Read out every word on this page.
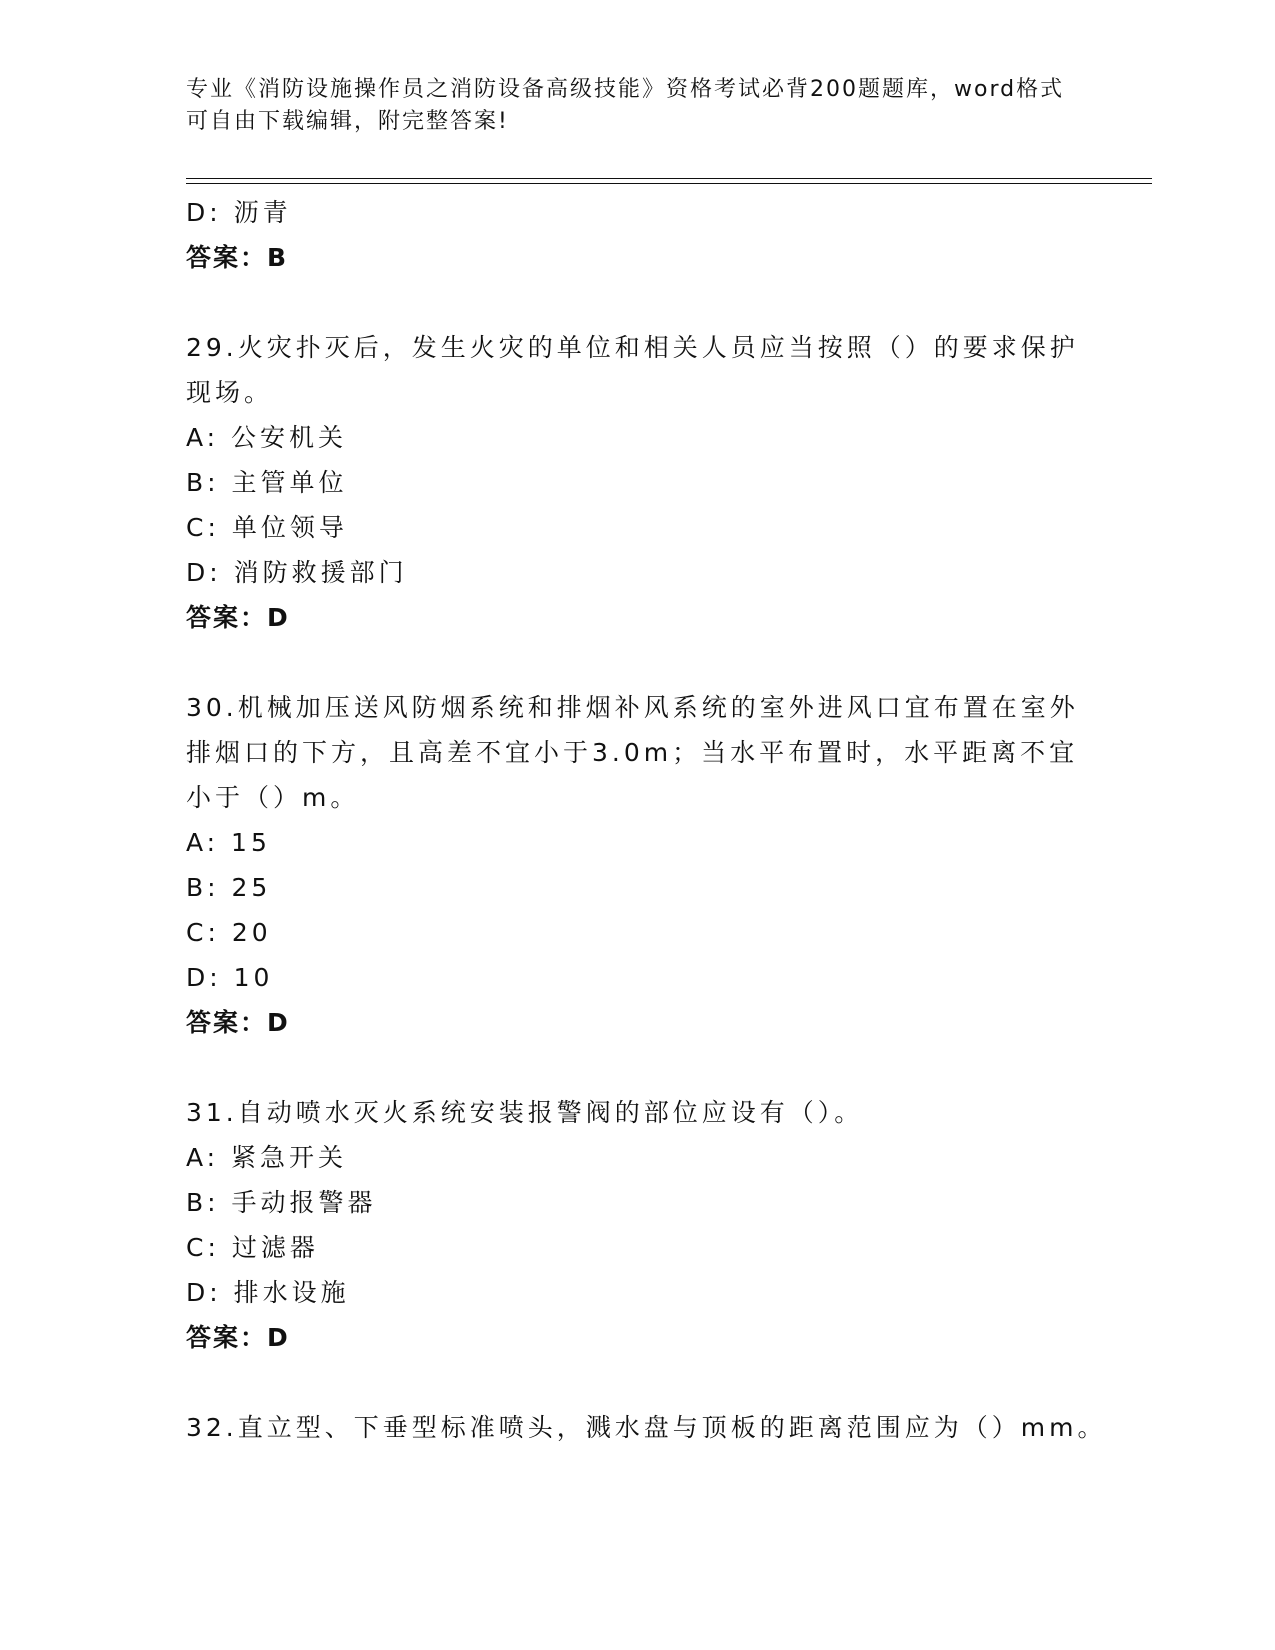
专业《消防设施操作员之消防设备高级技能》资格考试必背200题题库，word格式可自由下载编辑，附完整答案!
D: 沥青
答案：B
29.火灾扑灭后，发生火灾的单位和相关人员应当按照（）的要求保护
现场。
A: 公安机关
B: 主管单位
C: 单位领导
D: 消防救援部门
答案：D
30.机械加压送风防烟系统和排烟补风系统的室外进风口宜布置在室外
排烟口的下方，且高差不宜小于3.0m；当水平布置时，水平距离不宜
小于（）m。
A: 15
B: 25
C: 20
D: 10
答案：D
31.自动喷水灭火系统安装报警阀的部位应设有（）。
A: 紧急开关
B: 手动报警器
C: 过滤器
D: 排水设施
答案：D
32.直立型、下垂型标准喷头，溅水盘与顶板的距离范围应为（）mm。
